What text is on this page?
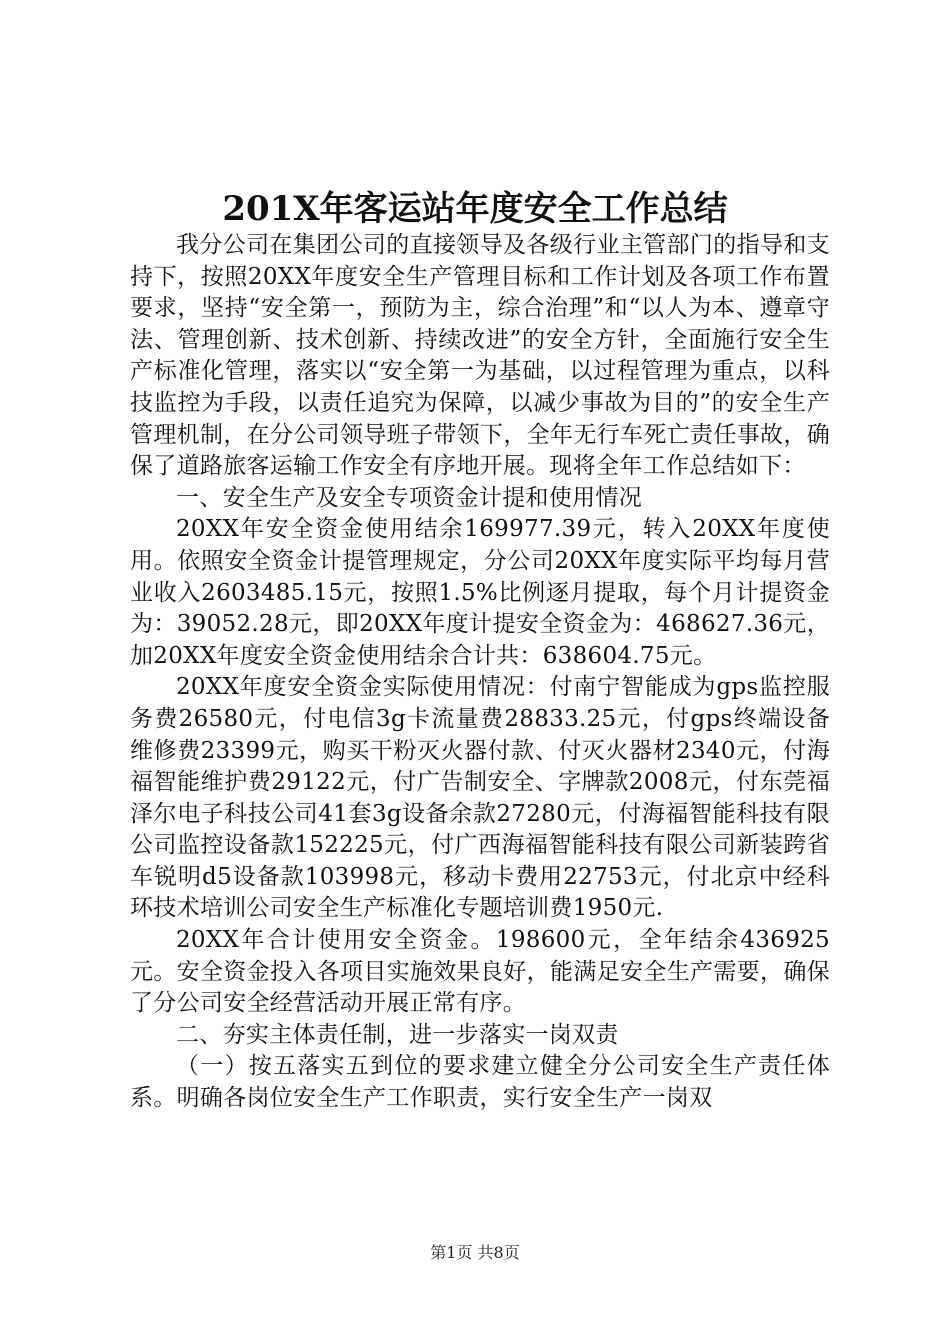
201X年客运站年度安全工作总结

我分公司在集团公司的直接领导及各级行业主管部门的指导和支持下，按照20XX年度安全生产管理目标和工作计划及各项工作布置要求，坚持“安全第一，预防为主，综合治理”和“以人为本、遵章守法、管理创新、技术创新、持续改进”的安全方针，全面施行安全生产标准化管理，落实以“安全第一为基础，以过程管理为重点，以科技监控为手段，以责任追究为保障，以减少事故为目的”的安全生产管理机制，在分公司领导班子带领下，全年无行车死亡责任事故，确保了道路旅客运输工作安全有序地开展。现将全年工作总结如下：

一、安全生产及安全专项资金计提和使用情况

20XX年安全资金使用结余169977.39元，转入20XX年度使用。依照安全资金计提管理规定，分公司20XX年度实际平均每月营业收入2603485.15元，按照1.5%比例逐月提取，每个月计提资金为：39052.28元，即20XX年度计提安全资金为：468627.36元，加20XX年度安全资金使用结余合计共：638604.75元。

20XX年度安全资金实际使用情况：付南宁智能成为gps监控服务费26580元，付电信3g卡流量费28833.25元，付gps终端设备维修费23399元，购买干粉灭火器付款、付灭火器材2340元，付海福智能维护费29122元，付广告制安全、字牌款2008元，付东莞福泽尔电子科技公司41套3g设备余款27280元，付海福智能科技有限公司监控设备款152225元，付广西海福智能科技有限公司新装跨省车锐明d5设备款103998元，移动卡费用22753元，付北京中经科环技术培训公司安全生产标准化专题培训费1950元.

20XX年合计使用安全资金。198600元，全年结余436925元。安全资金投入各项目实施效果良好，能满足安全生产需要，确保了分公司安全经营活动开展正常有序。

二、夯实主体责任制，进一步落实一岗双责

（一）按五落实五到位的要求建立健全分公司安全生产责任体系。明确各岗位安全生产工作职责，实行安全生产一岗双

第1页 共8页
